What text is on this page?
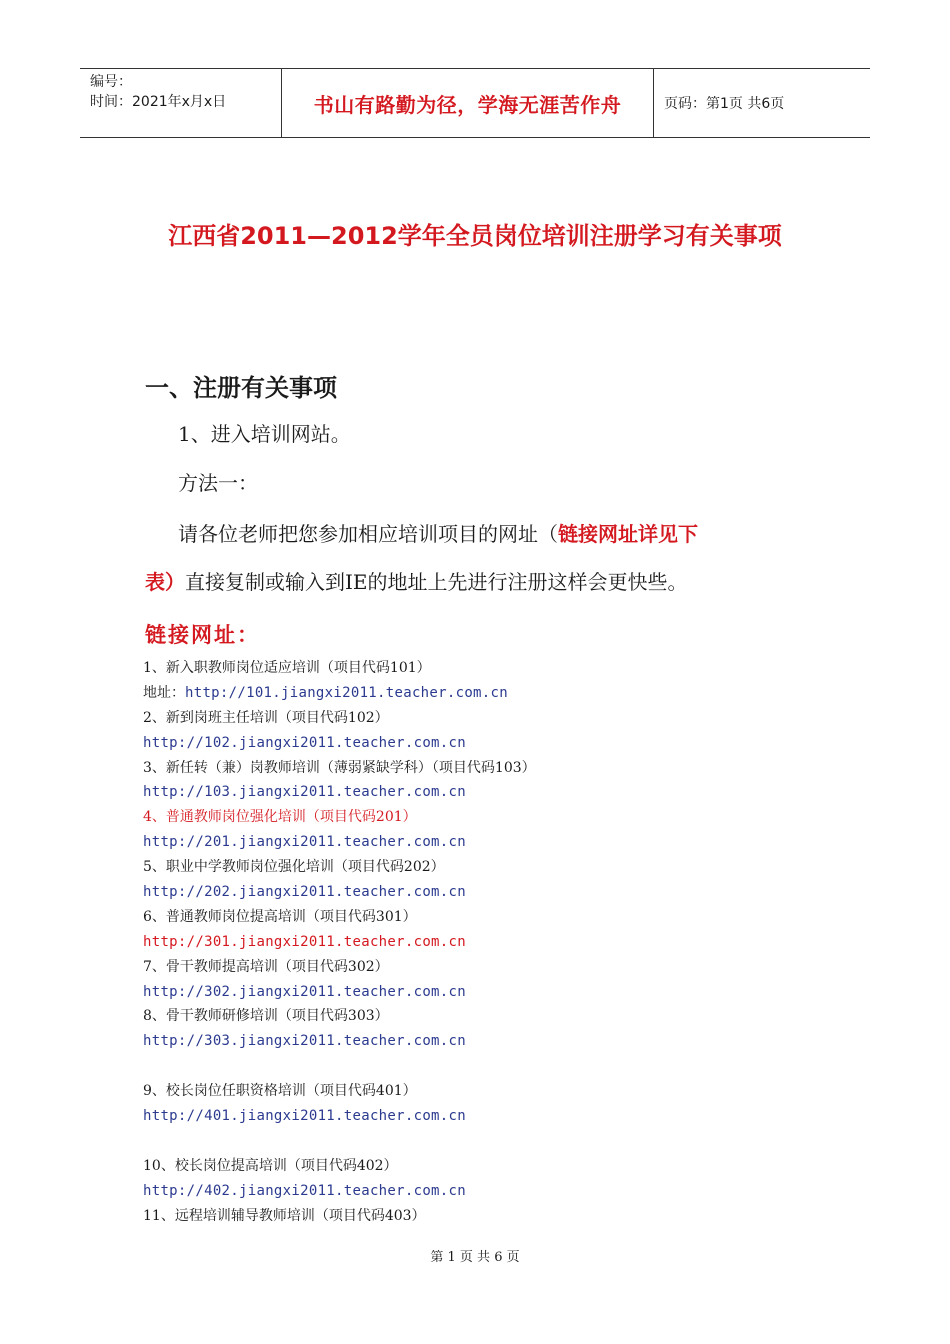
编号：
时间：2021年x月x日	书山有路勤为径，学海无涯苦作舟	页码：第1页 共6页
江西省2011—2012学年全员岗位培训注册学习有关事项
一、注册有关事项
1、进入培训网站。
方法一：
请各位老师把您参加相应培训项目的网址（链接网址详见下
表）直接复制或输入到IE的地址上先进行注册这样会更快些。
链接网址：
1、新入职教师岗位适应培训（项目代码101）
地址：http://101.jiangxi2011.teacher.com.cn
2、新到岗班主任培训（项目代码102）
http://102.jiangxi2011.teacher.com.cn
3、新任转（兼）岗教师培训（薄弱紧缺学科）（项目代码103）
http://103.jiangxi2011.teacher.com.cn
4、普通教师岗位强化培训（项目代码201）
http://201.jiangxi2011.teacher.com.cn
5、职业中学教师岗位强化培训（项目代码202）
http://202.jiangxi2011.teacher.com.cn
6、普通教师岗位提高培训（项目代码301）
http://301.jiangxi2011.teacher.com.cn
7、骨干教师提高培训（项目代码302）
http://302.jiangxi2011.teacher.com.cn
8、骨干教师研修培训（项目代码303）
http://303.jiangxi2011.teacher.com.cn
9、校长岗位任职资格培训（项目代码401）
http://401.jiangxi2011.teacher.com.cn
10、校长岗位提高培训（项目代码402）
http://402.jiangxi2011.teacher.com.cn
11、远程培训辅导教师培训（项目代码403）
第 1 页 共 6 页
